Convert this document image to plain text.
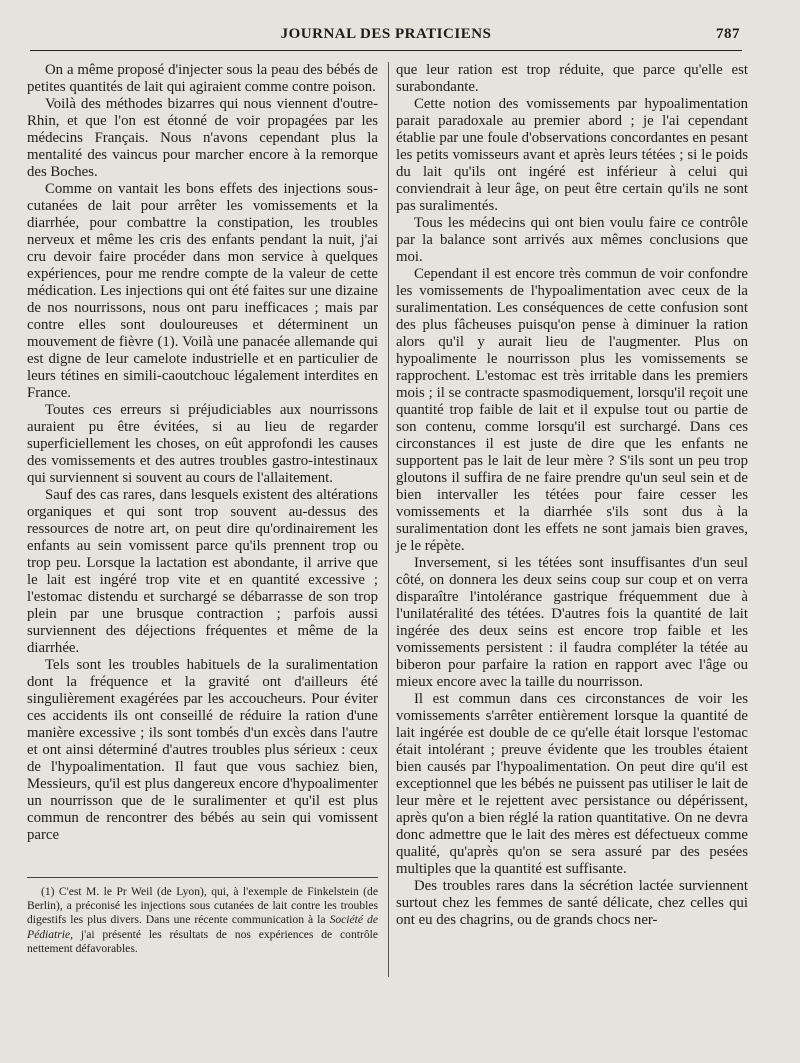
JOURNAL DES PRATICIENS	787

On a même proposé d'injecter sous la peau des bébés de petites quantités de lait qui agiraient comme contre poison.

Voilà des méthodes bizarres qui nous viennent d'outre-Rhin, et que l'on est étonné de voir propagées par les médecins Français. Nous n'avons cependant plus la mentalité des vaincus pour marcher encore à la remorque des Boches.

Comme on vantait les bons effets des injections sous-cutanées de lait pour arrêter les vomissements et la diarrhée, pour combattre la constipation, les troubles nerveux et même les cris des enfants pendant la nuit, j'ai cru devoir faire procéder dans mon service à quelques expériences, pour me rendre compte de la valeur de cette médication. Les injections qui ont été faites sur une dizaine de nos nourrissons, nous ont paru inefficaces ; mais par contre elles sont douloureuses et déterminent un mouvement de fièvre (1). Voilà une panacée allemande qui est digne de leur camelote industrielle et en particulier de leurs tétines en simili-caoutchouc légalement interdites en France.

Toutes ces erreurs si préjudiciables aux nourrissons auraient pu être évitées, si au lieu de regarder superficiellement les choses, on eût approfondi les causes des vomissements et des autres troubles gastro-intestinaux qui surviennent si souvent au cours de l'allaitement.

Sauf des cas rares, dans lesquels existent des altérations organiques et qui sont trop souvent au-dessus des ressources de notre art, on peut dire qu'ordinairement les enfants au sein vomissent parce qu'ils prennent trop ou trop peu. Lorsque la lactation est abondante, il arrive que le lait est ingéré trop vite et en quantité excessive ; l'estomac distendu et surchargé se débarrasse de son trop plein par une brusque contraction ; parfois aussi surviennent des déjections fréquentes et même de la diarrhée.

Tels sont les troubles habituels de la suralimentation dont la fréquence et la gravité ont d'ailleurs été singulièrement exagérées par les accoucheurs. Pour éviter ces accidents ils ont conseillé de réduire la ration d'une manière excessive ; ils sont tombés d'un excès dans l'autre et ont ainsi déterminé d'autres troubles plus sérieux : ceux de l'hypoalimentation. Il faut que vous sachiez bien, Messieurs, qu'il est plus dangereux encore d'hypoalimenter un nourrisson que de le suralimenter et qu'il est plus commun de rencontrer des bébés au sein qui vomissent parce

(1) C'est M. le Pr Weil (de Lyon), qui, à l'exemple de Finkelstein (de Berlin), a préconisé les injections sous cutanées de lait contre les troubles digestifs les plus divers. Dans une récente communication à la Société de Pédiatrie, j'ai présenté les résultats de nos expériences de contrôle nettement défavorables.

que leur ration est trop réduite, que parce qu'elle est surabondante.

Cette notion des vomissements par hypoalimentation parait paradoxale au premier abord ; je l'ai cependant établie par une foule d'observations concordantes en pesant les petits vomisseurs avant et après leurs tétées ; si le poids du lait qu'ils ont ingéré est inférieur à celui qui conviendrait à leur âge, on peut être certain qu'ils ne sont pas suralimentés.

Tous les médecins qui ont bien voulu faire ce contrôle par la balance sont arrivés aux mêmes conclusions que moi.

Cependant il est encore très commun de voir confondre les vomissements de l'hypoalimentation avec ceux de la suralimentation. Les conséquences de cette confusion sont des plus fâcheuses puisqu'on pense à diminuer la ration alors qu'il y aurait lieu de l'augmenter. Plus on hypoalimente le nourrisson plus les vomissements se rapprochent. L'estomac est très irritable dans les premiers mois ; il se contracte spasmodiquement, lorsqu'il reçoit une quantité trop faible de lait et il expulse tout ou partie de son contenu, comme lorsqu'il est surchargé. Dans ces circonstances il est juste de dire que les enfants ne supportent pas le lait de leur mère ? S'ils sont un peu trop gloutons il suffira de ne faire prendre qu'un seul sein et de bien intervaller les tétées pour faire cesser les vomissements et la diarrhée s'ils sont dus à la suralimentation dont les effets ne sont jamais bien graves, je le répète.

Inversement, si les tétées sont insuffisantes d'un seul côté, on donnera les deux seins coup sur coup et on verra disparaître l'intolérance gastrique fréquemment due à l'unilatéralité des tétées. D'autres fois la quantité de lait ingérée des deux seins est encore trop faible et les vomissements persistent : il faudra compléter la tétée au biberon pour parfaire la ration en rapport avec l'âge ou mieux encore avec la taille du nourrisson.

Il est commun dans ces circonstances de voir les vomissements s'arrêter entièrement lorsque la quantité de lait ingérée est double de ce qu'elle était lorsque l'estomac était intolérant ; preuve évidente que les troubles étaient bien causés par l'hypoalimentation. On peut dire qu'il est exceptionnel que les bébés ne puissent pas utiliser le lait de leur mère et le rejettent avec persistance ou dépérissent, après qu'on a bien réglé la ration quantitative. On ne devra donc admettre que le lait des mères est défectueux comme qualité, qu'après qu'on se sera assuré par des pesées multiples que la quantité est suffisante.

Des troubles rares dans la sécrétion lactée surviennent surtout chez les femmes de santé délicate, chez celles qui ont eu des chagrins, ou de grands chocs ner-
